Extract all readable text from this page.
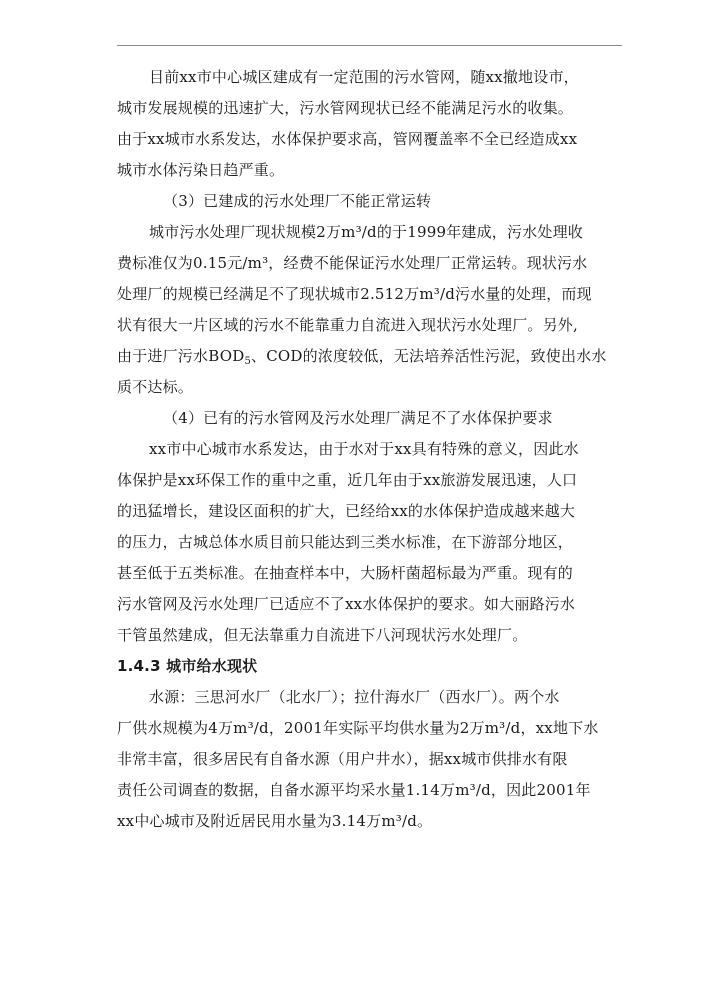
目前xx市中心城区建成有一定范围的污水管网，随xx撤地设市，
城市发展规模的迅速扩大，污水管网现状已经不能满足污水的收集。
由于xx城市水系发达，水体保护要求高，管网覆盖率不全已经造成xx
城市水体污染日趋严重。
（3）已建成的污水处理厂不能正常运转
城市污水处理厂现状规模2万m³/d的于1999年建成，污水处理收
费标准仅为0.15元/m³，经费不能保证污水处理厂正常运转。现状污水
处理厂的规模已经满足不了现状城市2.512万m³/d污水量的处理，而现
状有很大一片区域的污水不能靠重力自流进入现状污水处理厂。另外,
由于进厂污水$BOD_5$、COD的浓度较低，无法培养活性污泥，致使出水水
质不达标。
（4）已有的污水管网及污水处理厂满足不了水体保护要求
xx市中心城市水系发达，由于水对于xx具有特殊的意义，因此水
体保护是xx环保工作的重中之重，近几年由于xx旅游发展迅速，人口
的迅猛增长，建设区面积的扩大，已经给xx的水体保护造成越来越大
的压力，古城总体水质目前只能达到三类水标准，在下游部分地区，
甚至低于五类标准。在抽查样本中，大肠杆菌超标最为严重。现有的
污水管网及污水处理厂已适应不了xx水体保护的要求。如大丽路污水
干管虽然建成，但无法靠重力自流进下八河现状污水处理厂。
1.4.3 城市给水现状
水源：三思河水厂（北水厂）；拉什海水厂（西水厂）。两个水
厂供水规模为4万m³/d，2001年实际平均供水量为2万m³/d，xx地下水
非常丰富，很多居民有自备水源（用户井水），据xx城市供排水有限
责任公司调查的数据，自备水源平均采水量1.14万m³/d，因此2001年
xx中心城市及附近居民用水量为3.14万m³/d。
